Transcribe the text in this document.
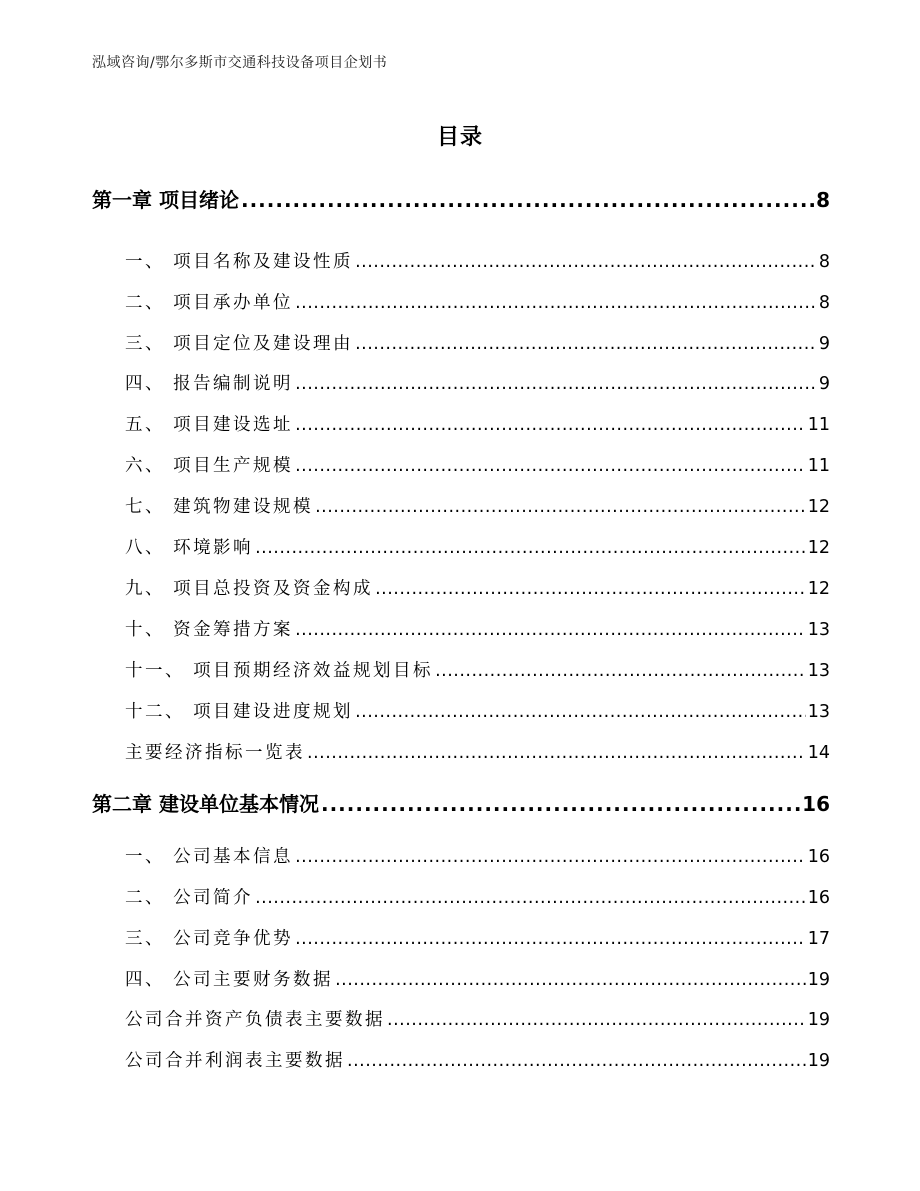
泓域咨询/鄂尔多斯市交通科技设备项目企划书
目录
第一章 项目绪论 .....	8
一、 项目名称及建设性质 .....	8
二、 项目承办单位 .....	8
三、 项目定位及建设理由 .....	9
四、 报告编制说明 .....	9
五、 项目建设选址 .....	11
六、 项目生产规模 .....	11
七、 建筑物建设规模 .....	12
八、 环境影响 .....	12
九、 项目总投资及资金构成 .....	12
十、 资金筹措方案 .....	13
十一、 项目预期经济效益规划目标 .....	13
十二、 项目建设进度规划 .....	13
主要经济指标一览表 .....	14
第二章 建设单位基本情况 .....	16
一、 公司基本信息 .....	16
二、 公司简介 .....	16
三、 公司竞争优势 .....	17
四、 公司主要财务数据 .....	19
公司合并资产负债表主要数据 .....	19
公司合并利润表主要数据 .....	19
